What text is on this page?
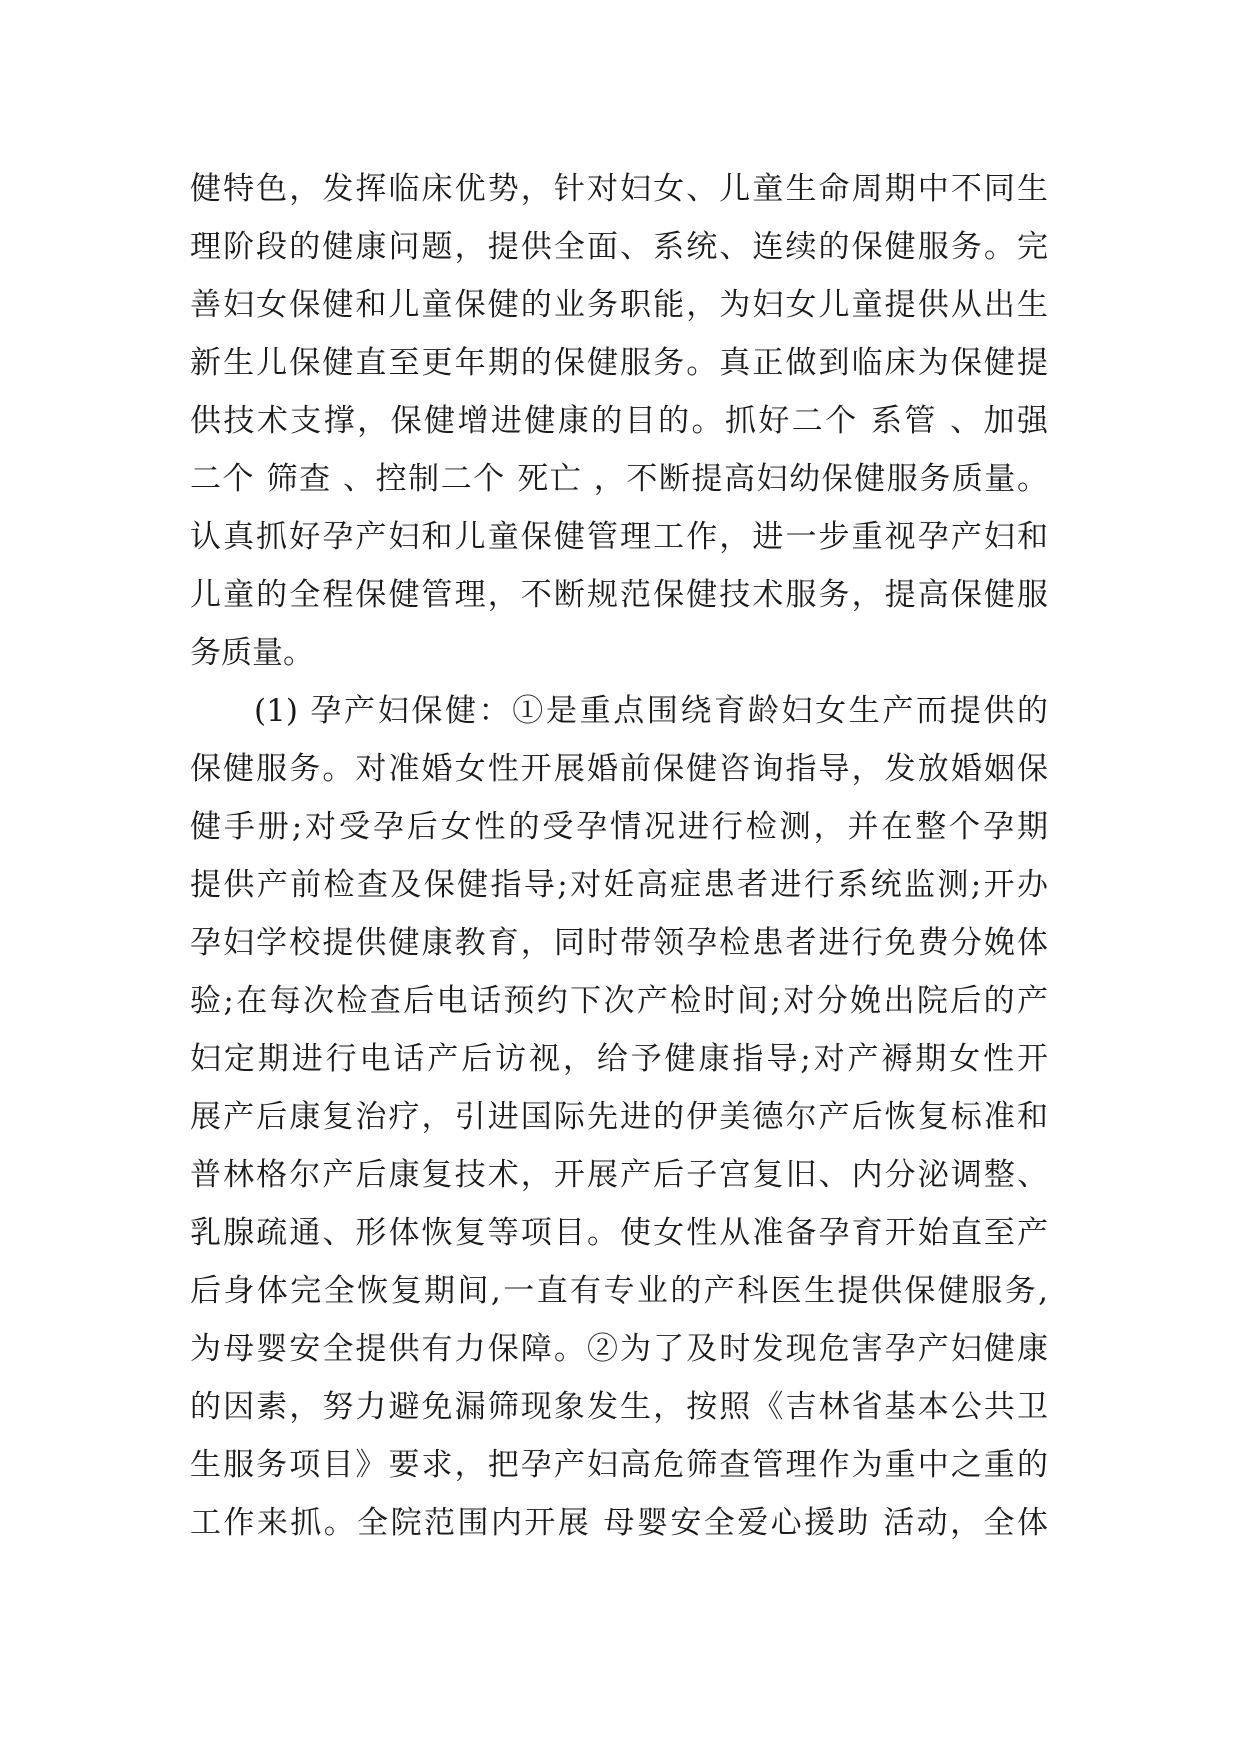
健特色，发挥临床优势，针对妇女、儿童生命周期中不同生
理阶段的健康问题，提供全面、系统、连续的保健服务。完
善妇女保健和儿童保健的业务职能，为妇女儿童提供从出生
新生儿保健直至更年期的保健服务。真正做到临床为保健提
供技术支撑，保健增进健康的目的。抓好二个 系管 、加强
二个 筛查 、控制二个 死亡 ，不断提高妇幼保健服务质量。
认真抓好孕产妇和儿童保健管理工作，进一步重视孕产妇和
儿童的全程保健管理，不断规范保健技术服务，提高保健服
务质量。
(1) 孕产妇保健：①是重点围绕育龄妇女生产而提供的
保健服务。对准婚女性开展婚前保健咨询指导，发放婚姻保
健手册;对受孕后女性的受孕情况进行检测，并在整个孕期
提供产前检查及保健指导;对妊高症患者进行系统监测;开办
孕妇学校提供健康教育，同时带领孕检患者进行免费分娩体
验;在每次检查后电话预约下次产检时间;对分娩出院后的产
妇定期进行电话产后访视，给予健康指导;对产褥期女性开
展产后康复治疗，引进国际先进的伊美德尔产后恢复标准和
普林格尔产后康复技术，开展产后子宫复旧、内分泌调整、
乳腺疏通、形体恢复等项目。使女性从准备孕育开始直至产
后身体完全恢复期间,一直有专业的产科医生提供保健服务,
为母婴安全提供有力保障。②为了及时发现危害孕产妇健康
的因素，努力避免漏筛现象发生，按照《吉林省基本公共卫
生服务项目》要求，把孕产妇高危筛查管理作为重中之重的
工作来抓。全院范围内开展 母婴安全爱心援助 活动，全体
